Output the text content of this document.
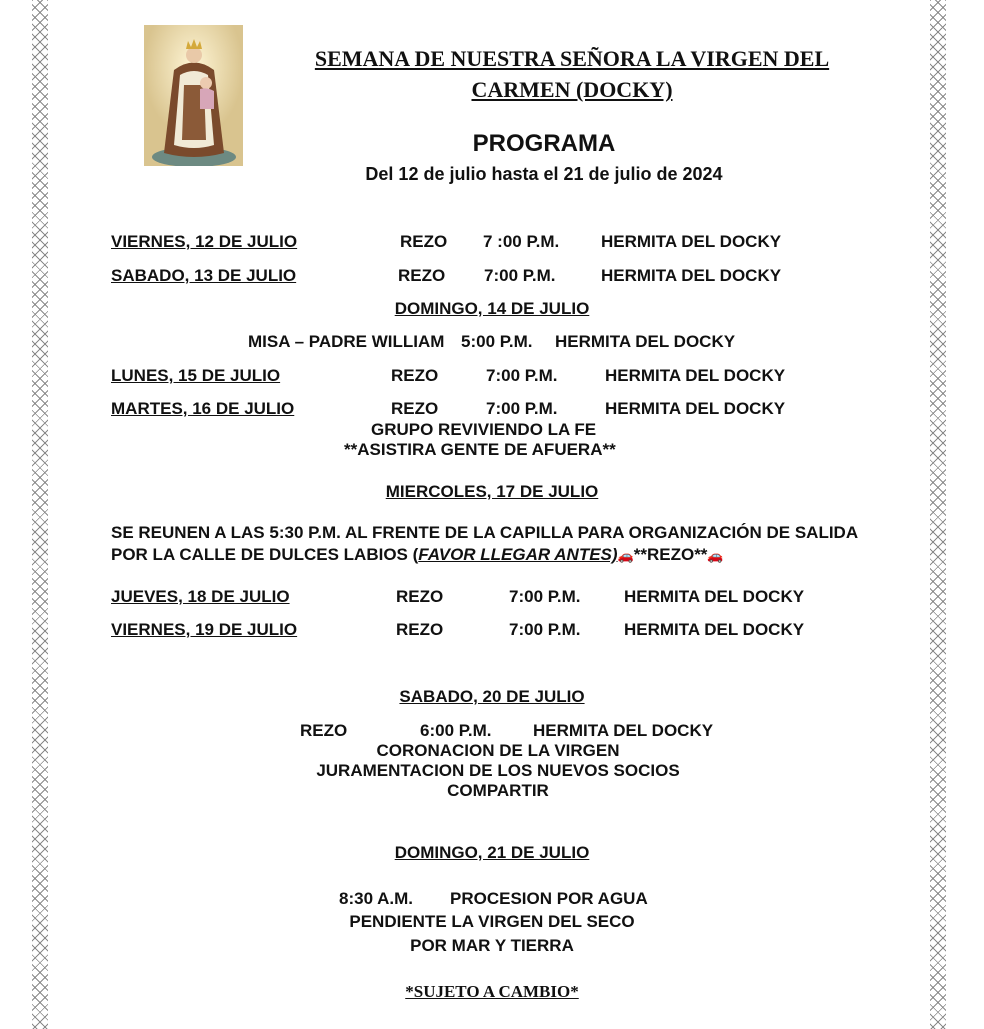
SEMANA DE NUESTRA SEÑORA LA VIRGEN DEL
CARMEN (DOCKY)
PROGRAMA
Del 12 de julio hasta el 21 de julio de 2024
VIERNES, 12 DE JULIO	REZO 7 :00 P.M. HERMITA DEL DOCKY
SABADO, 13 DE JULIO	REZO 7:00 P.M.	HERMITA DEL DOCKY
DOMINGO, 14 DE JULIO
MISA – PADRE WILLIAM 5:00 P.M. HERMITA DEL DOCKY
LUNES, 15 DE JULIO	REZO	7:00 P.M.	HERMITA DEL DOCKY
MARTES, 16 DE JULIO	REZO	7:00 P.M.	HERMITA DEL DOCKY
GRUPO REVIVIENDO LA FE
**ASISTIRA GENTE DE AFUERA**
MIERCOLES, 17 DE JULIO
SE REUNEN A LAS 5:30 P.M. AL FRENTE DE LA CAPILLA PARA ORGANIZACIÓN DE SALIDA
POR LA CALLE DE DULCES LABIOS (FAVOR LLEGAR ANTES)🚗**REZO**🚗
JUEVES, 18 DE JULIO	REZO	7:00 P.M.	HERMITA DEL DOCKY
VIERNES, 19 DE JULIO	REZO	7:00 P.M.	HERMITA DEL DOCKY
SABADO, 20 DE JULIO
REZO	6:00 P.M. HERMITA DEL DOCKY
CORONACION DE LA VIRGEN
JURAMENTACION DE LOS NUEVOS SOCIOS
COMPARTIR
DOMINGO, 21 DE JULIO
8:30 A.M. PROCESION POR AGUA
PENDIENTE LA VIRGEN DEL SECO
POR MAR Y TIERRA
*SUJETO A CAMBIO*
